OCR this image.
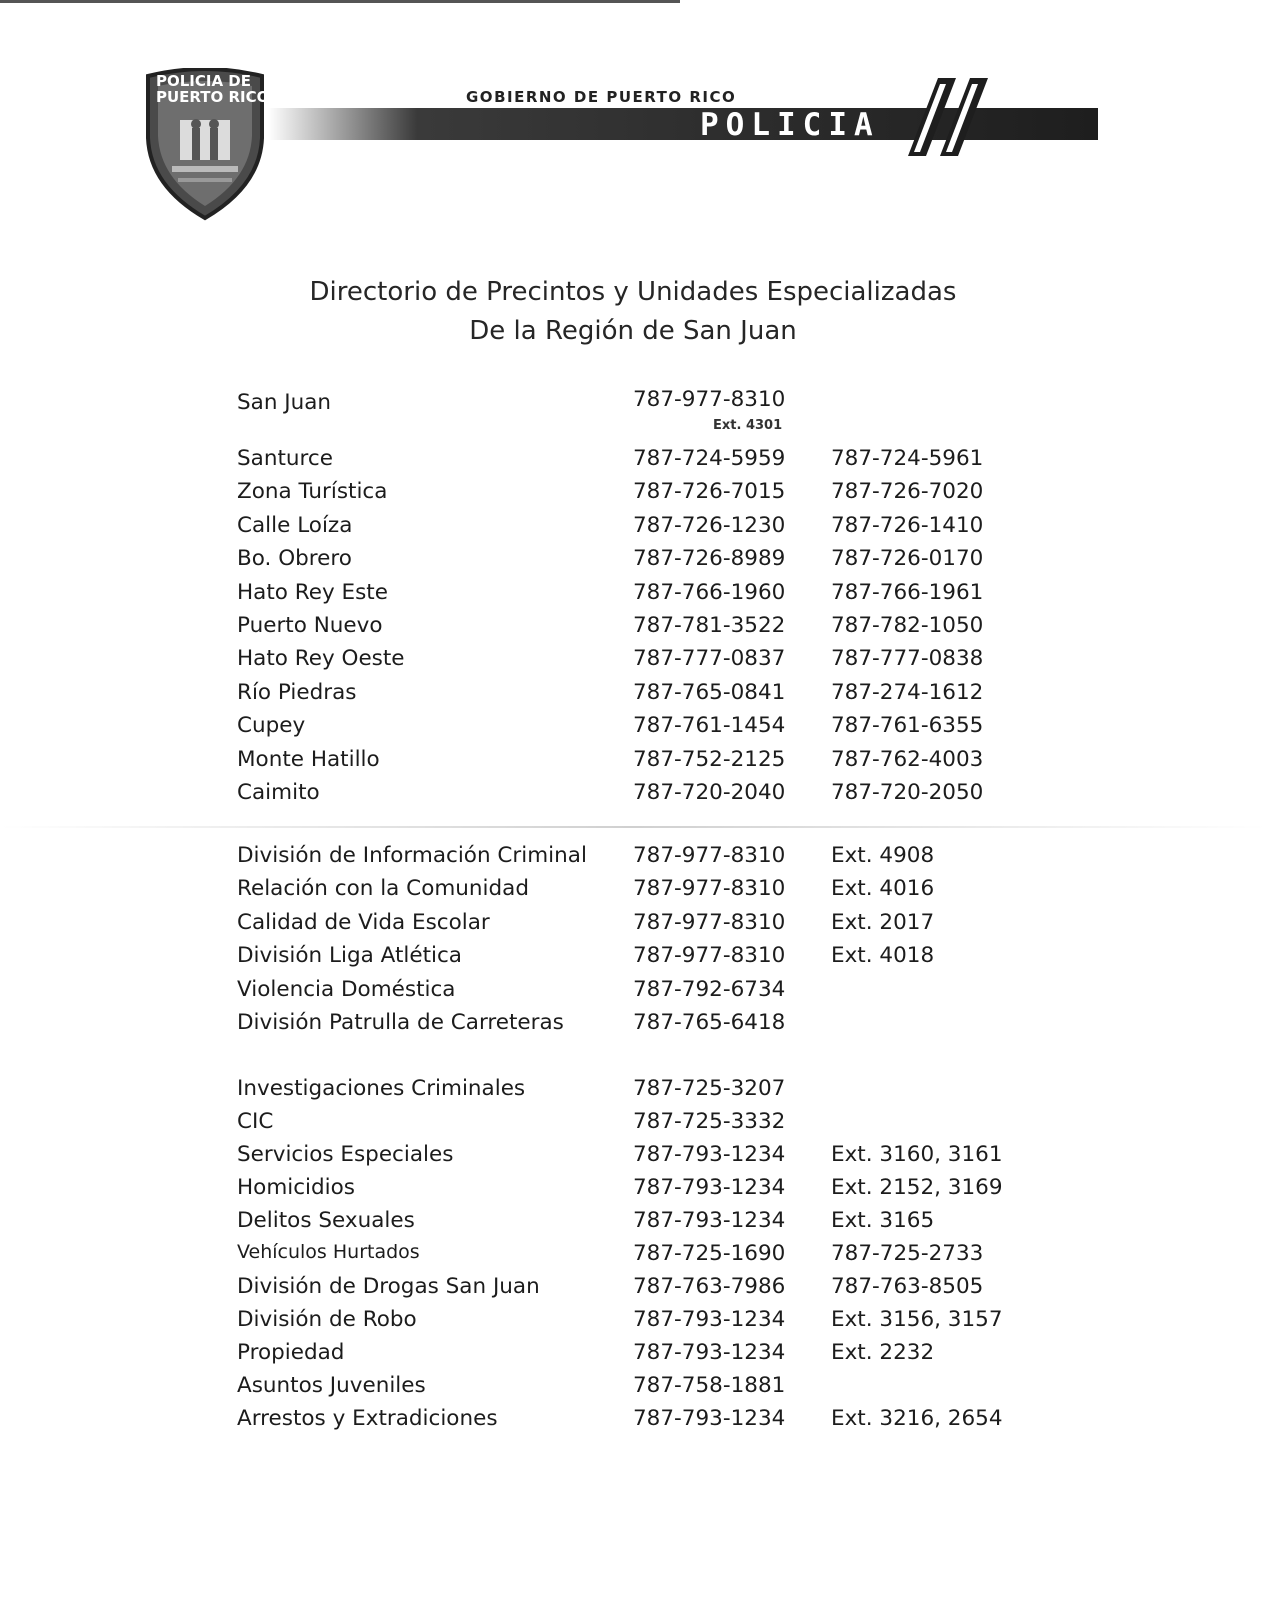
POLICIA DE
PUERTO RICO	GOBIERNO DE PUERTO RICO
POLICIA
Directorio de Precintos y Unidades Especializadas
De la Región de San Juan
San Juan	787-977-8310
Ext. 4301
Santurce	787-724-5959 787-724-5961
Zona Turística	787-726-7015 787-726-7020
Calle Loíza	787-726-1230 787-726-1410
Bo. Obrero	787-726-8989 787-726-0170
Hato Rey Este	787-766-1960 787-766-1961
Puerto Nuevo	787-781-3522 787-782-1050
Hato Rey Oeste	787-777-0837 787-777-0838
Río Piedras	787-765-0841 787-274-1612
Cupey	787-761-1454 787-761-6355
Monte Hatillo	787-752-2125 787-762-4003
Caimito	787-720-2040 787-720-2050
División de Información Criminal 787-977-8310 Ext. 4908
Relación con la Comunidad	787-977-8310 Ext. 4016
Calidad de Vida Escolar	787-977-8310 Ext. 2017
División Liga Atlética	787-977-8310 Ext. 4018
Violencia Doméstica	787-792-6734
División Patrulla de Carreteras	787-765-6418
Investigaciones Criminales	787-725-3207
CIC	787-725-3332
Servicios Especiales	787-793-1234 Ext. 3160, 3161
Homicidios	787-793-1234 Ext. 2152, 3169
Delitos Sexuales	787-793-1234 Ext. 3165
Vehículos Hurtados	787-725-1690 787-725-2733
División de Drogas San Juan	787-763-7986 787-763-8505
División de Robo	787-793-1234 Ext. 3156, 3157
Propiedad	787-793-1234 Ext. 2232
Asuntos Juveniles	787-758-1881
Arrestos y Extradiciones	787-793-1234 Ext. 3216, 2654
